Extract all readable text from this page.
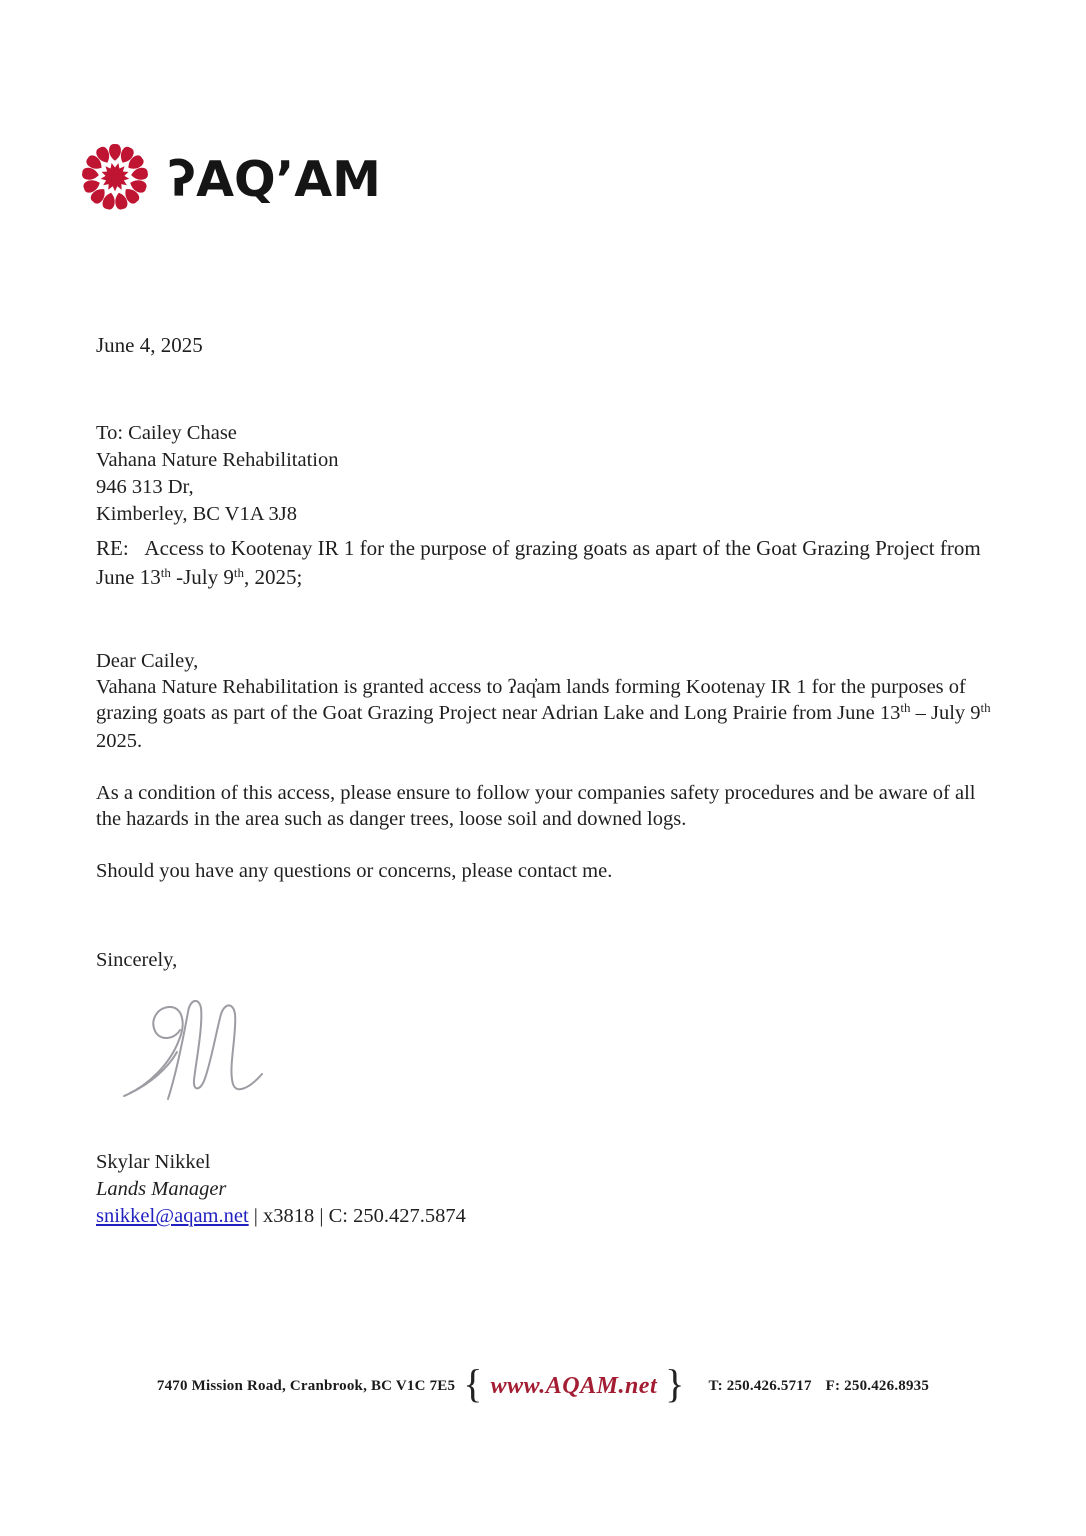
ʔAQʼAM
June 4, 2025
To: Cailey Chase
Vahana Nature Rehabilitation
946 313 Dr,
Kimberley, BC V1A 3J8

RE:   Access to Kootenay IR 1 for the purpose of grazing goats as apart of the Goat Grazing Project from June 13th -July 9th, 2025;

Dear Cailey,

Vahana Nature Rehabilitation is granted access to ʔaq̓am lands forming Kootenay IR 1 for the purposes of grazing goats as part of the Goat Grazing Project near Adrian Lake and Long Prairie from June 13th – July 9th 2025.

As a condition of this access, please ensure to follow your companies safety procedures and be aware of all the hazards in the area such as danger trees, loose soil and downed logs.

Should you have any questions or concerns, please contact me.

Sincerely,
Skylar Nikkel
Lands Manager
snikkel@aqam.net | x3818 | C: 250.427.5874
7470 Mission Road, Cranbrook, BC V1C 7E5 { www.AQAM.net } T: 250.426.5717 F: 250.426.8935
